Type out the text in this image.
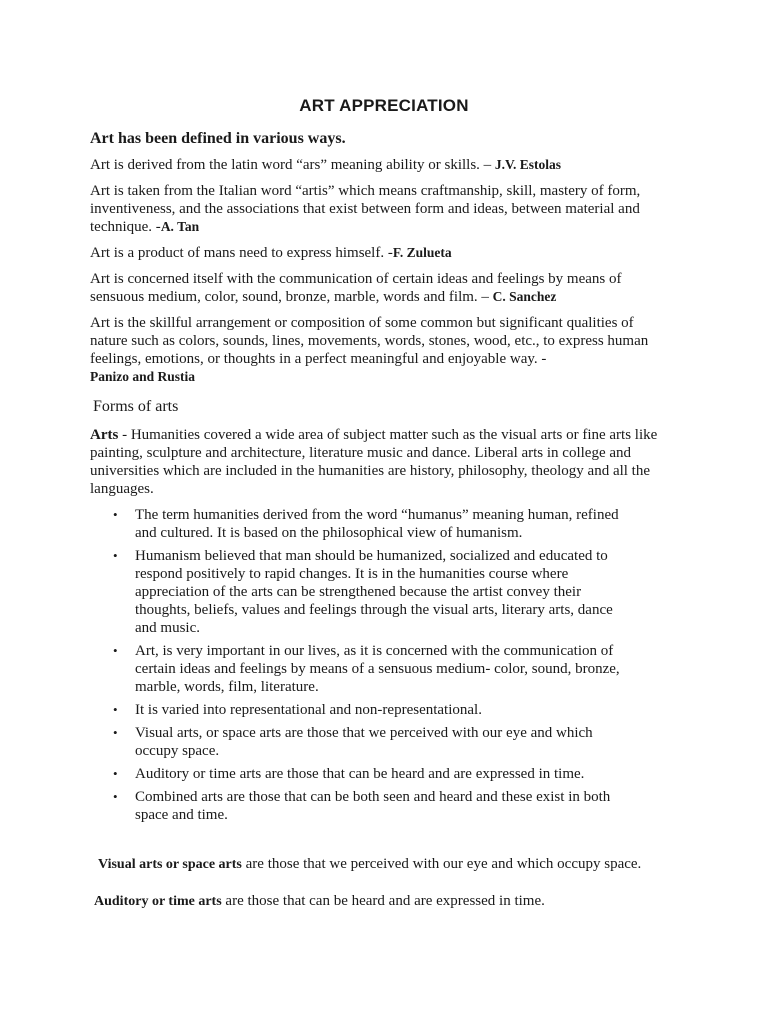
ART APPRECIATION
Art has been defined in various ways.

Art is derived from the latin word “ars” meaning ability or skills. – J.V. Estolas

Art is taken from the Italian word “artis” which means craftmanship, skill, mastery of form, inventiveness, and the associations that exist between form and ideas, between material and technique. -A. Tan

Art is a product of mans need to express himself. -F. Zulueta

Art is concerned itself with the communication of certain ideas and feelings by means of sensuous medium, color, sound, bronze, marble, words and film. – C. Sanchez

Art is the skillful arrangement or composition of some common but significant qualities of nature such as colors, sounds, lines, movements, words, stones, wood, etc., to express human feelings, emotions, or thoughts in a perfect meaningful and enjoyable way. -
Panizo and Rustia

Forms of arts

Arts - Humanities covered a wide area of subject matter such as the visual arts or fine arts like painting, sculpture and architecture, literature music and dance. Liberal arts in college and universities which are included in the humanities are history, philosophy, theology and all the languages.

• The term humanities derived from the word “humanus” meaning human, refined and cultured. It is based on the philosophical view of humanism.
• Humanism believed that man should be humanized, socialized and educated to respond positively to rapid changes. It is in the humanities course where appreciation of the arts can be strengthened because the artist convey their thoughts, beliefs, values and feelings through the visual arts, literary arts, dance and music.
• Art, is very important in our lives, as it is concerned with the communication of certain ideas and feelings by means of a sensuous medium- color, sound, bronze, marble, words, film, literature.
• It is varied into representational and non-representational.
• Visual arts, or space arts are those that we perceived with our eye and which occupy space.
• Auditory or time arts are those that can be heard and are expressed in time.
• Combined arts are those that can be both seen and heard and these exist in both space and time.

Visual arts or space arts are those that we perceived with our eye and which occupy space.

Auditory or time arts are those that can be heard and are expressed in time.
